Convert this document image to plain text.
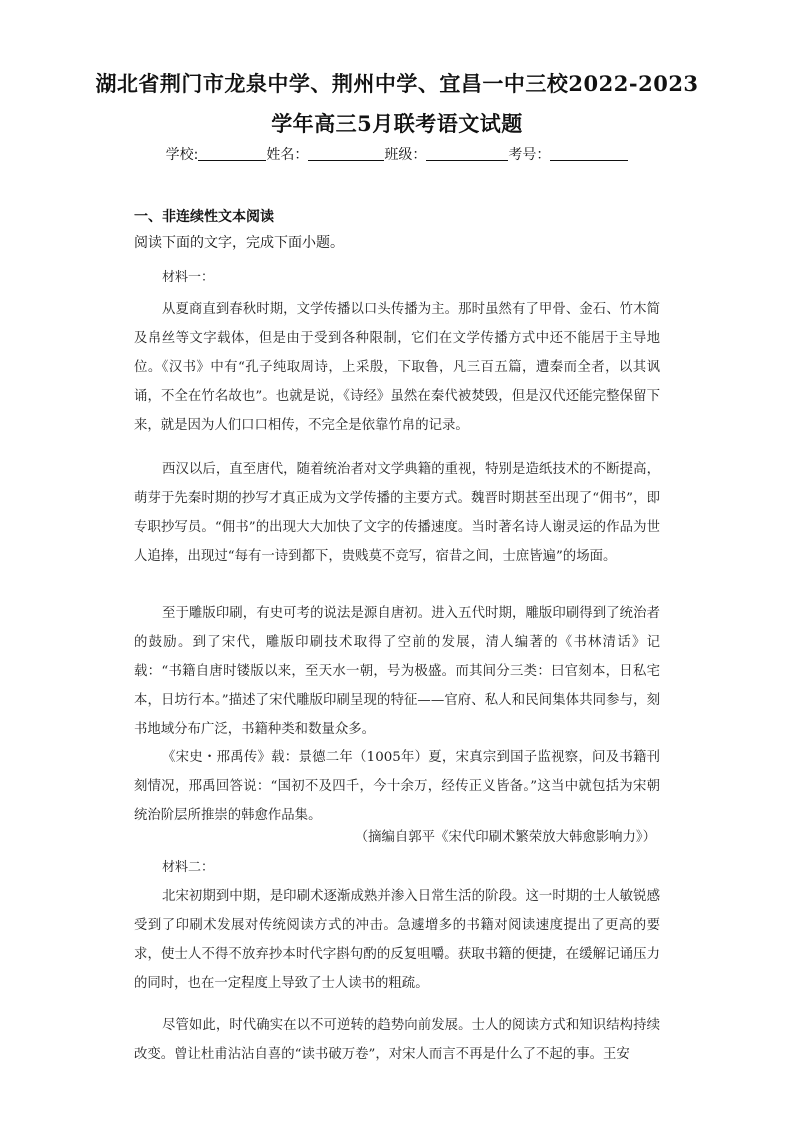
湖北省荆门市龙泉中学、荆州中学、宜昌一中三校2022-2023
学年高三5月联考语文试题
学校:	姓名：	班级：	考号：
一、非连续性文本阅读
阅读下面的文字，完成下面小题。
材料一：
从夏商直到春秋时期，文学传播以口头传播为主。那时虽然有了甲骨、金石、竹木简及帛丝等文字载体，但是由于受到各种限制，它们在文学传播方式中还不能居于主导地位。《汉书》中有“孔子纯取周诗，上采殷，下取鲁，凡三百五篇，遭秦而全者，以其讽诵，不全在竹名故也”。也就是说，《诗经》虽然在秦代被焚毁，但是汉代还能完整保留下来，就是因为人们口口相传，不完全是依靠竹帛的记录。
西汉以后，直至唐代，随着统治者对文学典籍的重视，特别是造纸技术的不断提高，萌芽于先秦时期的抄写才真正成为文学传播的主要方式。魏晋时期甚至出现了“佣书”，即专职抄写员。“佣书”的出现大大加快了文字的传播速度。当时著名诗人谢灵运的作品为世人追捧，出现过“每有一诗到都下，贵贱莫不竞写，宿昔之间，士庶皆遍”的场面。
至于雕版印刷，有史可考的说法是源自唐初。进入五代时期，雕版印刷得到了统治者的鼓励。到了宋代，雕版印刷技术取得了空前的发展，清人编著的《书林清话》记载：“书籍自唐时镂版以来，至天水一朝，号为极盛。而其间分三类：曰官刻本，日私宅本，日坊行本。”描述了宋代雕版印刷呈现的特征——官府、私人和民间集体共同参与，刻书地域分布广泛，书籍种类和数量众多。
《宋史・邢禹传》载：景德二年（1005年）夏，宋真宗到国子监视察，问及书籍刊刻情况，邢禹回答说：“国初不及四千，今十余万，经传正义皆备。”这当中就包括为宋朝统治阶层所推崇的韩愈作品集。
（摘编自郭平《宋代印刷术繁荣放大韩愈影响力》）
材料二：
北宋初期到中期，是印刷术逐渐成熟并渗入日常生活的阶段。这一时期的士人敏锐感受到了印刷术发展对传统阅读方式的冲击。急遽增多的书籍对阅读速度提出了更高的要求，使士人不得不放弃抄本时代字斟句酌的反复咀嚼。获取书籍的便捷，在缓解记诵压力的同时，也在一定程度上导致了士人读书的粗疏。
尽管如此，时代确实在以不可逆转的趋势向前发展。士人的阅读方式和知识结构持续改变。曾让杜甫沾沾自喜的“读书破万卷”，对宋人而言不再是什么了不起的事。王安
